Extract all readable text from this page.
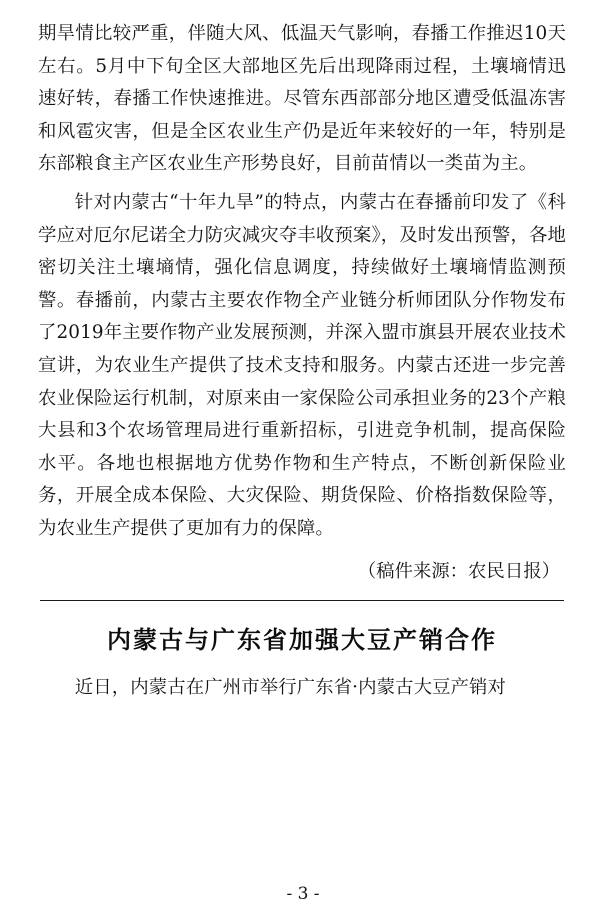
期旱情比较严重，伴随大风、低温天气影响，春播工作推迟10天左右。5月中下旬全区大部地区先后出现降雨过程，土壤墒情迅速好转，春播工作快速推进。尽管东西部部分地区遭受低温冻害和风雹灾害，但是全区农业生产仍是近年来较好的一年，特别是东部粮食主产区农业生产形势良好，目前苗情以一类苗为主。

针对内蒙古“十年九旱”的特点，内蒙古在春播前印发了《科学应对厄尔尼诺全力防灾减灾夺丰收预案》，及时发出预警，各地密切关注土壤墒情，强化信息调度，持续做好土壤墒情监测预警。春播前，内蒙古主要农作物全产业链分析师团队分作物发布了2019年主要作物产业发展预测，并深入盟市旗县开展农业技术宣讲，为农业生产提供了技术支持和服务。内蒙古还进一步完善农业保险运行机制，对原来由一家保险公司承担业务的23个产粮大县和3个农场管理局进行重新招标，引进竞争机制，提高保险水平。各地也根据地方优势作物和生产特点，不断创新保险业务，开展全成本保险、大灾保险、期货保险、价格指数保险等，为农业生产提供了更加有力的保障。

（稿件来源：农民日报）

内蒙古与广东省加强大豆产销合作

近日，内蒙古在广州市举行广东省·内蒙古大豆产销对

- 3 -
